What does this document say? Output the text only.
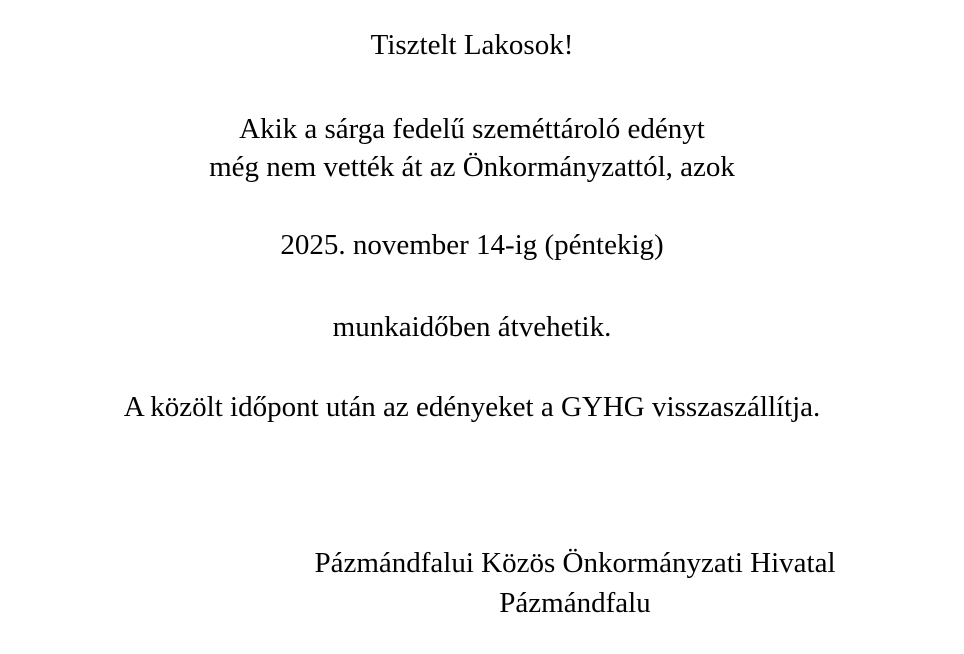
Tisztelt Lakosok!
Akik a sárga fedelű szeméttároló edényt
még nem vették át az Önkormányzattól, azok
2025. november 14-ig (péntekig)
munkaidőben átvehetik.
A közölt időpont után az edényeket a GYHG visszaszállítja.
Pázmándfalui Közös Önkormányzati Hivatal
Pázmándfalu
